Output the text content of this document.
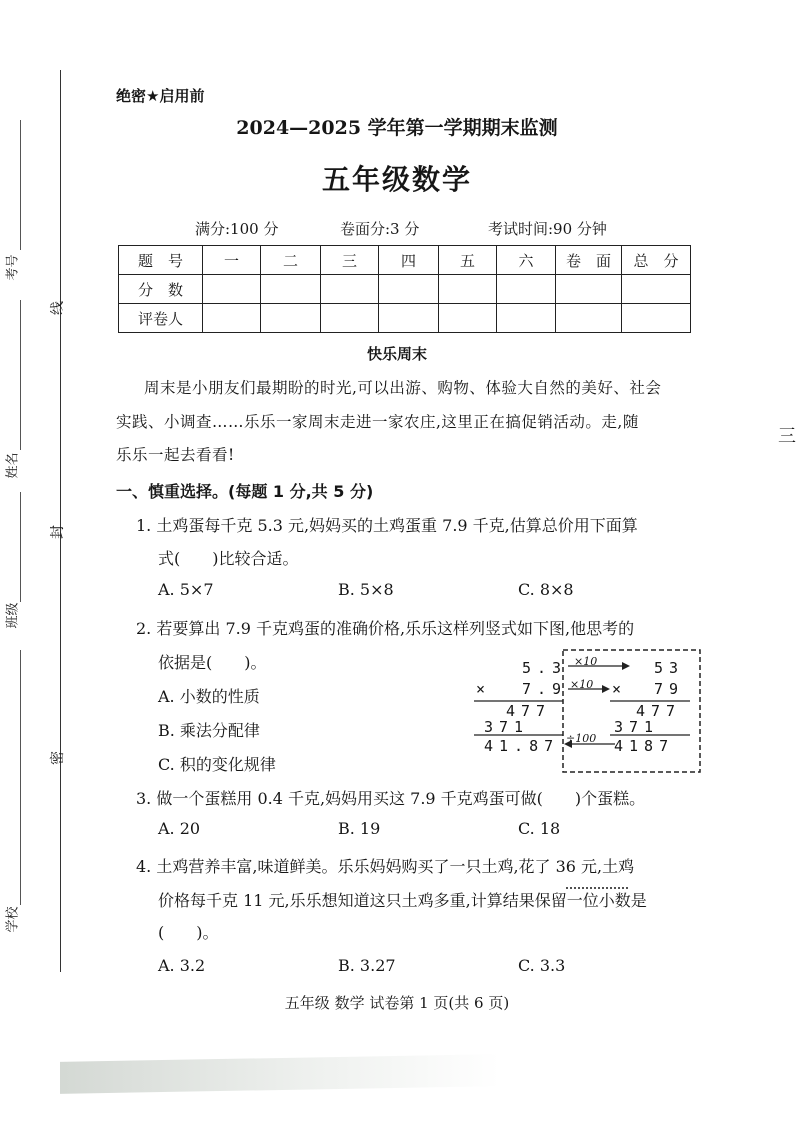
考号
姓名
班级
学校
线
封
密
绝密★启用前
2024—2025 学年第一学期期末监测
五年级数学
满分:100 分	卷面分:3 分	考试时间:90 分钟
题　号	一	二	三	四	五	六	卷　面	总　分
分　数								
评卷人								
快乐周末
周末是小朋友们最期盼的时光,可以出游、购物、体验大自然的美好、社会
实践、小调查……乐乐一家周末走进一家农庄,这里正在搞促销活动。走,随
乐乐一起去看看!
一、慎重选择。(每题 1 分,共 5 分)
1. 土鸡蛋每千克 5.3 元,妈妈买的土鸡蛋重 7.9 千克,估算总价用下面算
式(　　)比较合适。
A. 5×7	B. 5×8	C. 8×8
2. 若要算出 7.9 千克鸡蛋的准确价格,乐乐这样列竖式如下图,他思考的
依据是(　　)。
A. 小数的性质
B. 乘法分配律
C. 积的变化规律
5.3
× 7.9
477
371
41.87
×10
×10
÷100
53
× 79
477
371
4187
3. 做一个蛋糕用 0.4 千克,妈妈用买这 7.9 千克鸡蛋可做(　　)个蛋糕。
A. 20	B. 19	C. 18
4. 土鸡营养丰富,味道鲜美。乐乐妈妈购买了一只土鸡,花了 36 元,土鸡
价格每千克 11 元,乐乐想知道这只土鸡多重,计算结果保留一位小数是
(　　)。
A. 3.2	B. 3.27	C. 3.3
五年级 数学 试卷第 1 页(共 6 页)
三
